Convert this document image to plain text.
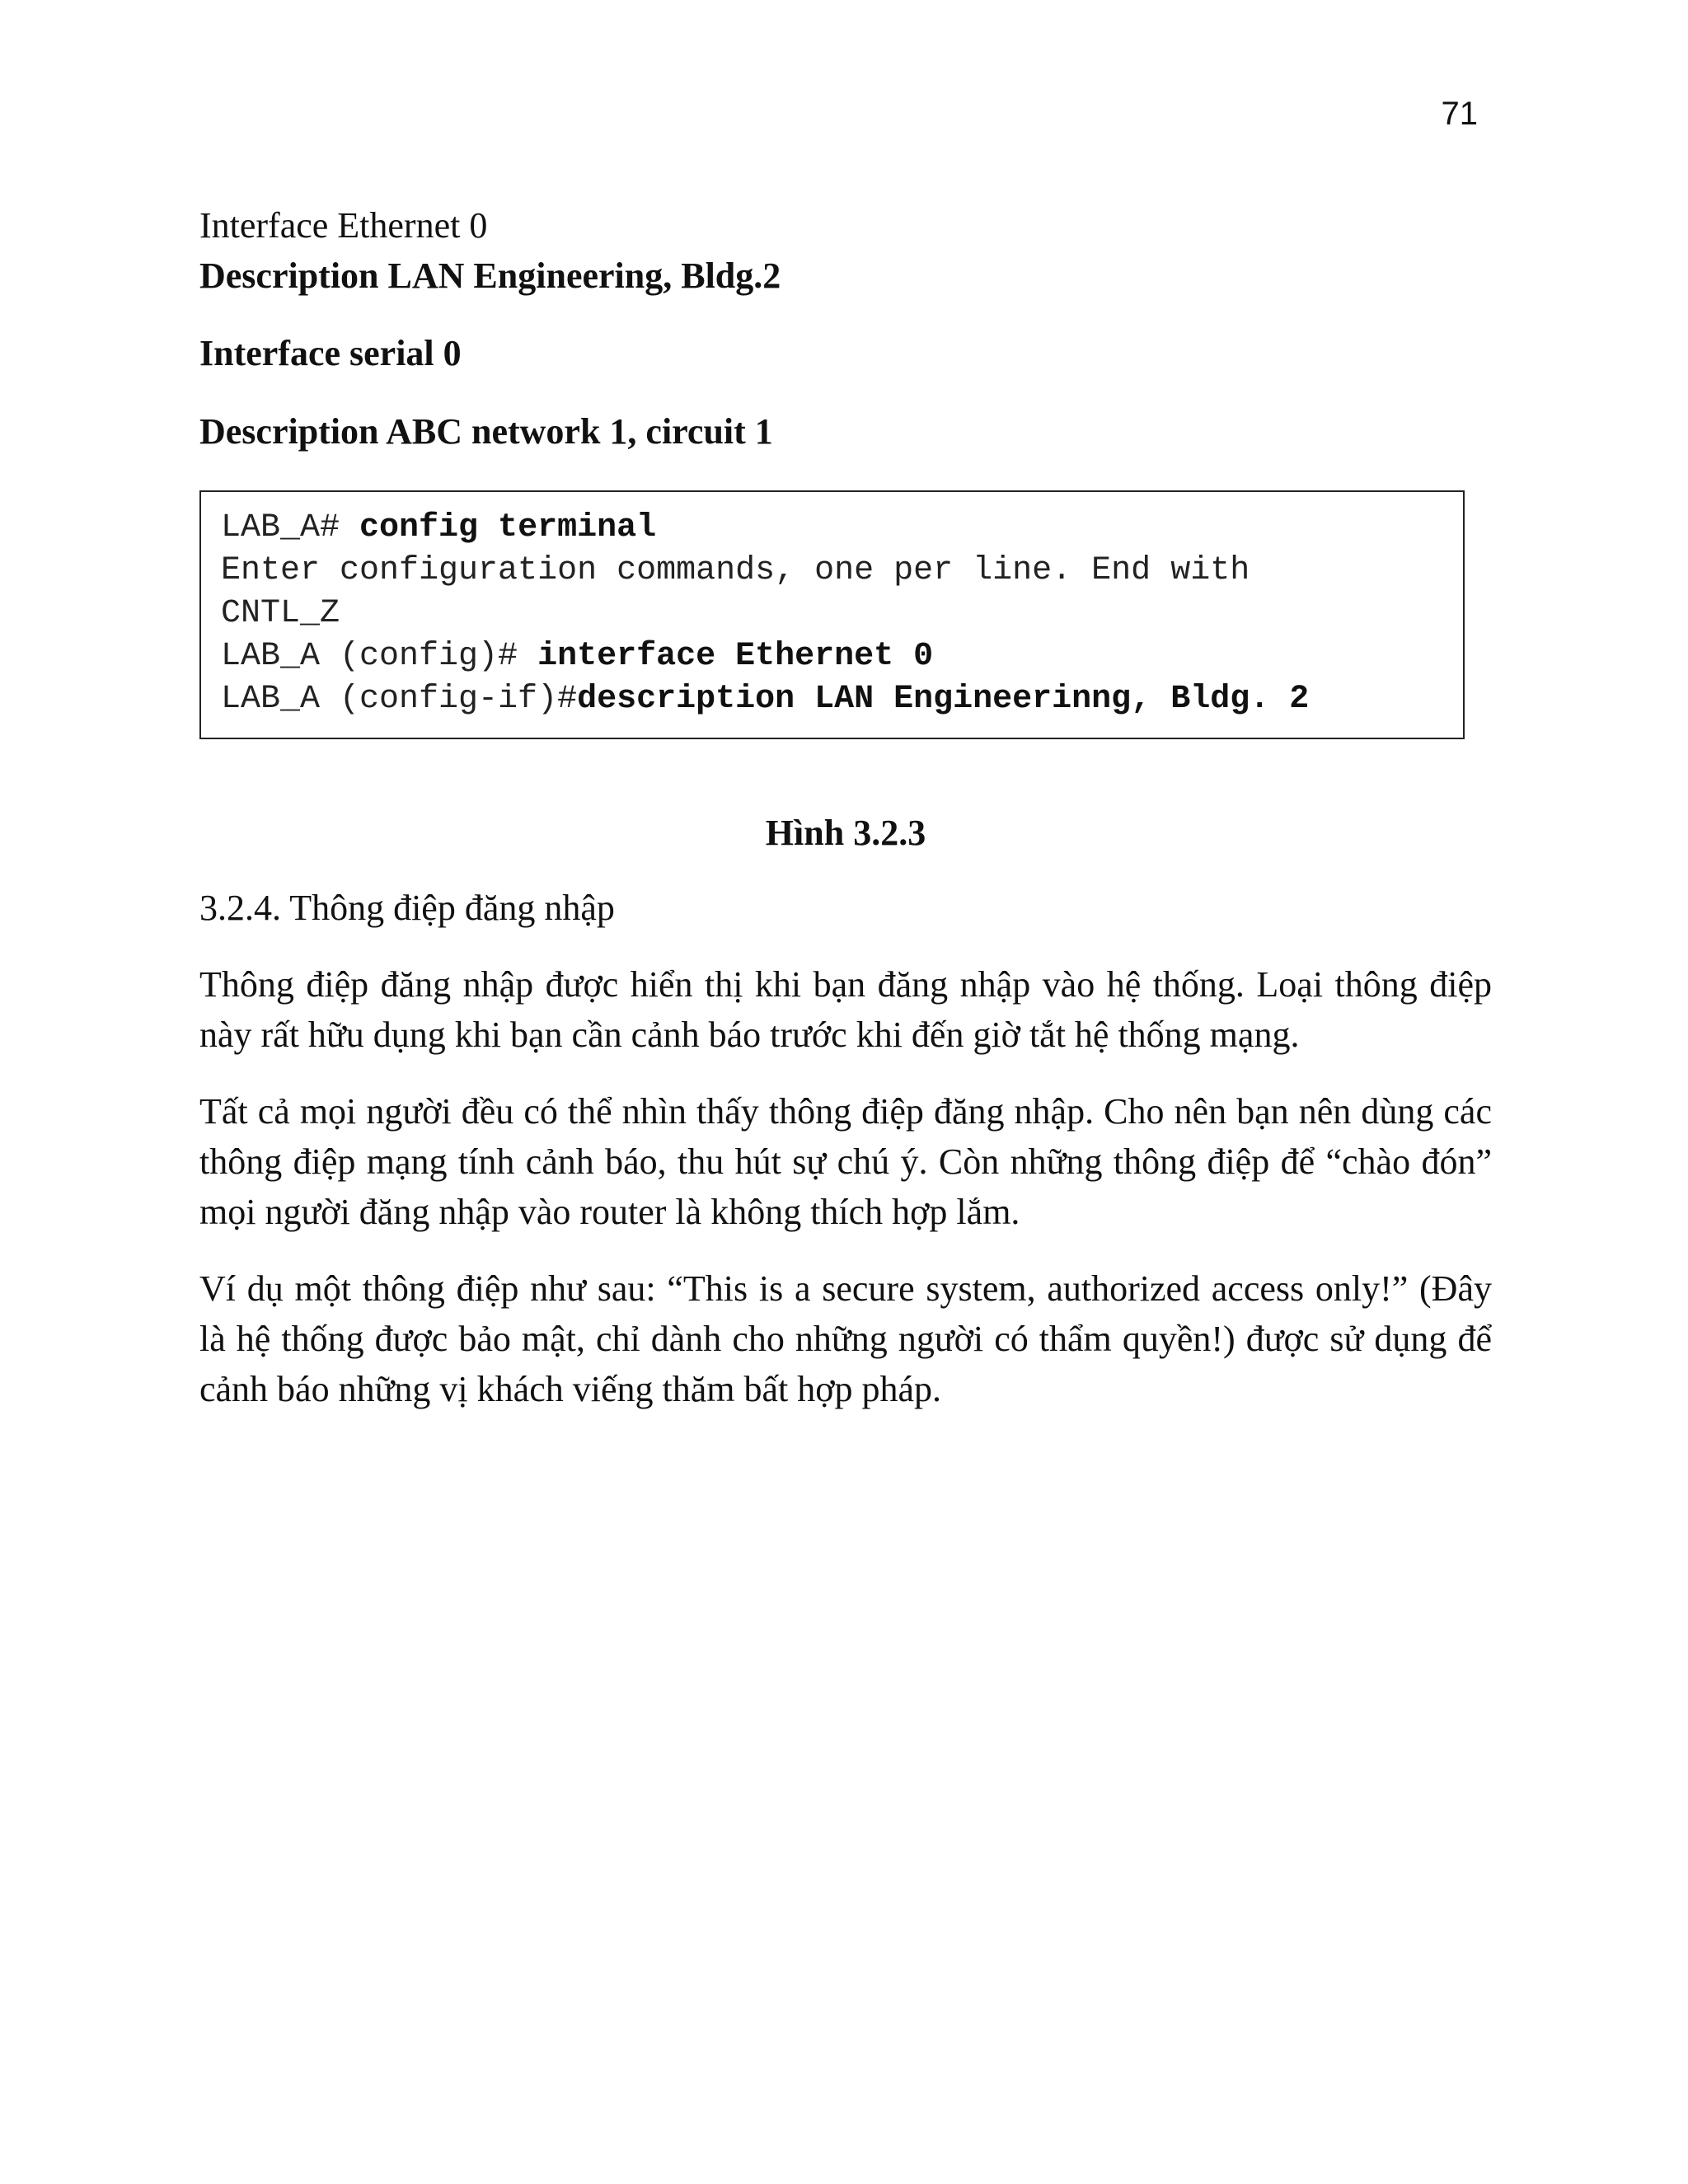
71

Interface Ethernet 0

Description LAN Engineering, Bldg.2

Interface serial 0

Description ABC network 1, circuit 1

LAB_A# config terminal
Enter configuration commands, one per line. End with
CNTL_Z
LAB_A (config)# interface Ethernet 0
LAB_A (config-if)#description LAN Engineerinng, Bldg. 2

Hình 3.2.3

3.2.4. Thông điệp đăng nhập

Thông điệp đăng nhập được hiển thị khi bạn đăng nhập vào hệ thống. Loại thông điệp này rất hữu dụng khi bạn cần cảnh báo trước khi đến giờ tắt hệ thống mạng.

Tất cả mọi người đều có thể nhìn thấy thông điệp đăng nhập. Cho nên bạn nên dùng các thông điệp mạng tính cảnh báo, thu hút sự chú ý. Còn những thông điệp để “chào đón” mọi người đăng nhập vào router là không thích hợp lắm.

Ví dụ một thông điệp như sau: “This is a secure system, authorized access only!” (Đây là hệ thống được bảo mật, chỉ dành cho những người có thẩm quyền!) được sử dụng để cảnh báo những vị khách viếng thăm bất hợp pháp.
